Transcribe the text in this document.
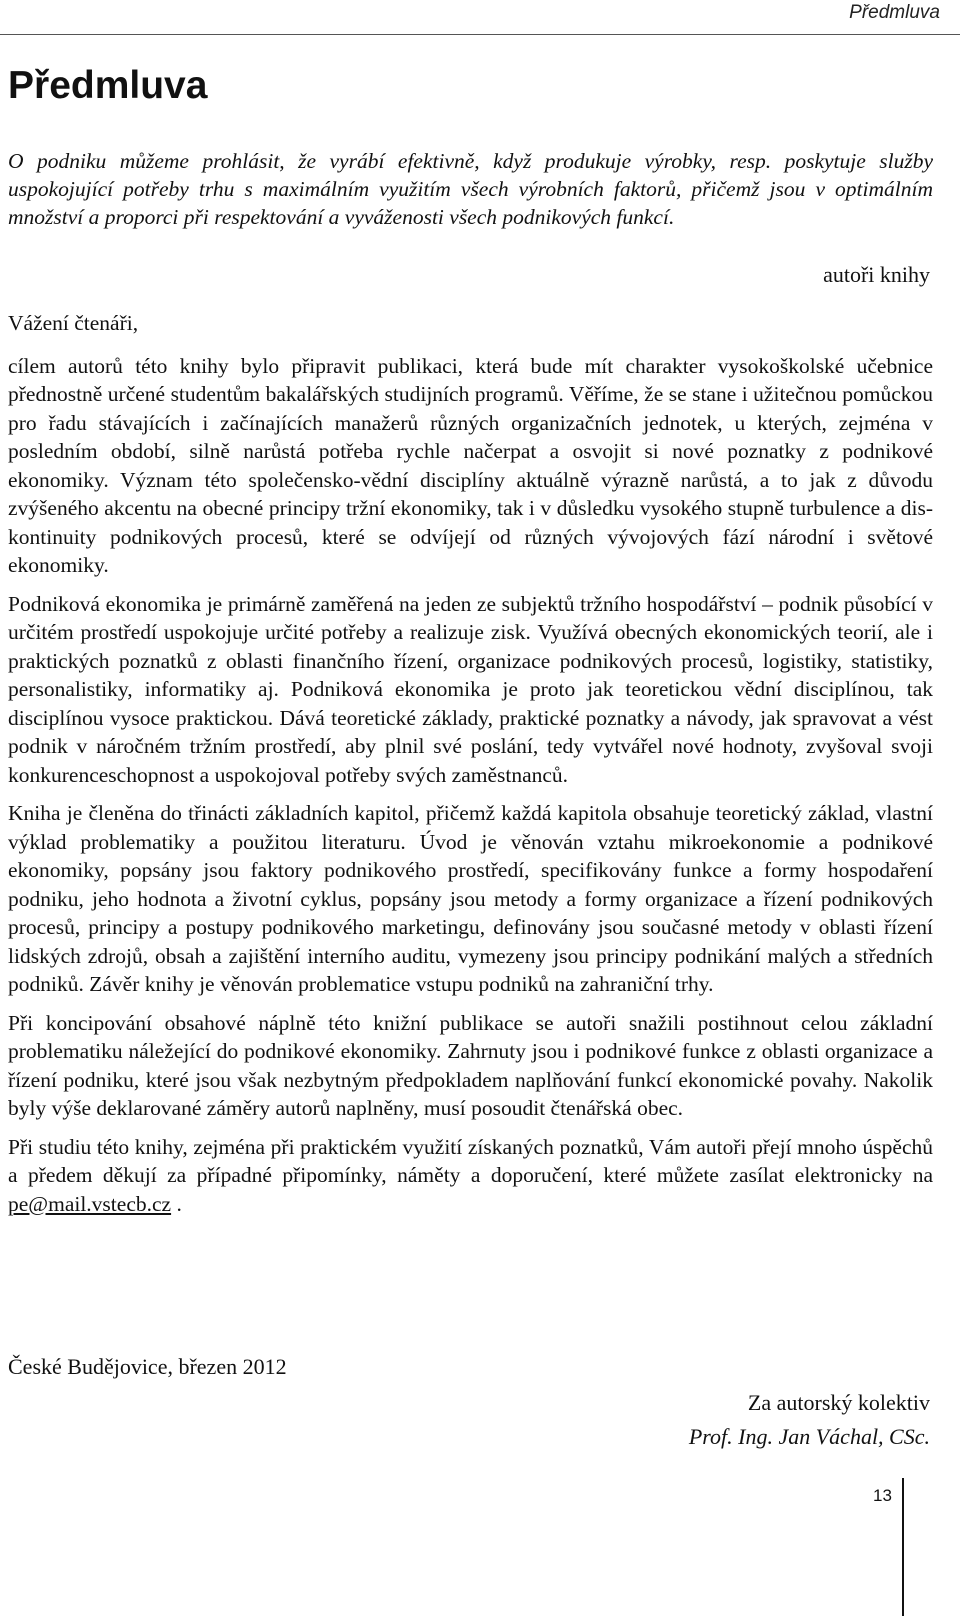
Předmluva
Předmluva

O podniku můžeme prohlásit, že vyrábí efektivně, když produkuje výrobky, resp. poskytuje služby uspokojující potřeby trhu s maximálním využitím všech výrobních faktorů, přičemž jsou v optimálním množství a proporci při respektování a vyváženosti všech podnikových funkcí.

autoři knihy

Vážení čtenáři,

cílem autorů této knihy bylo připravit publikaci, která bude mít charakter vysokoškolské učebnice přednostně určené studentům bakalářských studijních programů. Věříme, že se stane i užitečnou pomůckou pro řadu stávajících i začínajících manažerů různých organizačních jednotek, u kterých, zejména v posledním období, silně narůstá potřeba rychle načerpat a osvojit si nové poznatky z podnikové ekonomiky. Význam této společensko-vědní disciplíny aktuálně výrazně narůstá, a to jak z důvodu zvýšeného akcentu na obecné principy tržní ekonomiky, tak i v důsledku vysokého stupně turbulence a diskontinuity podnikových procesů, které se odvíjejí od různých vývojových fází národní i světové ekonomiky.

Podniková ekonomika je primárně zaměřená na jeden ze subjektů tržního hospodářství – podnik působící v určitém prostředí uspokojuje určité potřeby a realizuje zisk. Využívá obecných ekonomických teorií, ale i praktických poznatků z oblasti finančního řízení, organizace podnikových procesů, logistiky, statistiky, personalistiky, informatiky aj. Podniková ekonomika je proto jak teoretickou vědní disciplínou, tak disciplínou vysoce praktickou. Dává teoretické základy, praktické poznatky a návody, jak spravovat a vést podnik v náročném tržním prostředí, aby plnil své poslání, tedy vytvářel nové hodnoty, zvyšoval svoji konkurenceschopnost a uspokojoval potřeby svých zaměstnanců.

Kniha je členěna do třinácti základních kapitol, přičemž každá kapitola obsahuje teoretický základ, vlastní výklad problematiky a použitou literaturu. Úvod je věnován vztahu mikroekonomie a podnikové ekonomiky, popsány jsou faktory podnikového prostředí, specifikovány funkce a formy hospodaření podniku, jeho hodnota a životní cyklus, popsány jsou metody a formy organizace a řízení podnikových procesů, principy a postupy podnikového marketingu, definovány jsou současné metody v oblasti řízení lidských zdrojů, obsah a zajištění interního auditu, vymezeny jsou principy podnikání malých a středních podniků. Závěr knihy je věnován problematice vstupu podniků na zahraniční trhy.

Při koncipování obsahové náplně této knižní publikace se autoři snažili postihnout celou základní problematiku náležející do podnikové ekonomiky. Zahrnuty jsou i podnikové funkce z oblasti organizace a řízení podniku, které jsou však nezbytným předpokladem naplňování funkcí ekonomické povahy. Nakolik byly výše deklarované záměry autorů naplněny, musí posoudit čtenářská obec.

Při studiu této knihy, zejména při praktickém využití získaných poznatků, Vám autoři přejí mnoho úspěchů a předem děkují za případné připomínky, náměty a doporučení, které můžete zasílat elektronicky na pe@mail.vstecb.cz .

České Budějovice, březen 2012
Za autorský kolektiv
Prof. Ing. Jan Váchal, CSc.
13
